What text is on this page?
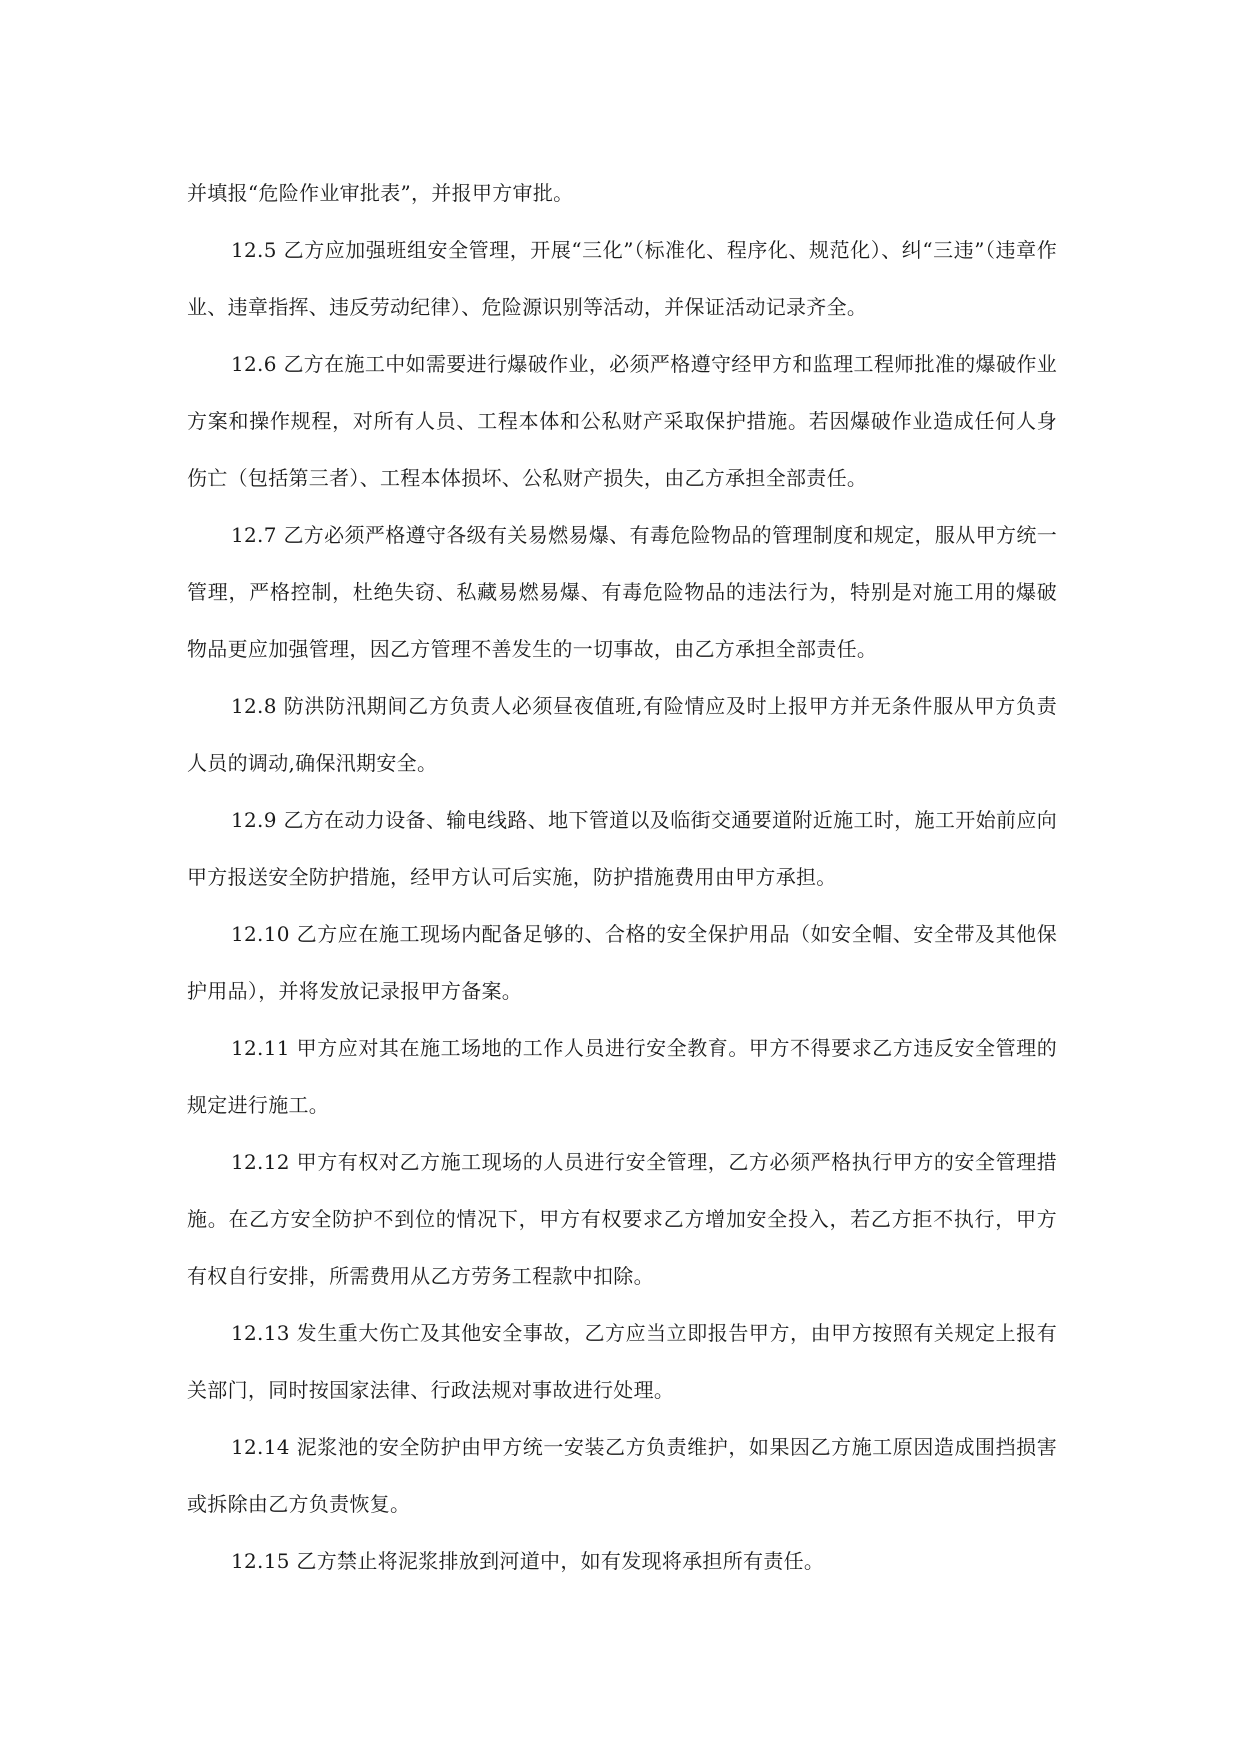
并填报“危险作业审批表”，并报甲方审批。

12.5 乙方应加强班组安全管理，开展“三化”（标准化、程序化、规范化）、纠“三违”（违章作业、违章指挥、违反劳动纪律）、危险源识别等活动，并保证活动记录齐全。

12.6 乙方在施工中如需要进行爆破作业，必须严格遵守经甲方和监理工程师批准的爆破作业方案和操作规程，对所有人员、工程本体和公私财产采取保护措施。若因爆破作业造成任何人身伤亡（包括第三者）、工程本体损坏、公私财产损失，由乙方承担全部责任。

12.7 乙方必须严格遵守各级有关易燃易爆、有毒危险物品的管理制度和规定，服从甲方统一管理，严格控制，杜绝失窃、私藏易燃易爆、有毒危险物品的违法行为，特别是对施工用的爆破物品更应加强管理，因乙方管理不善发生的一切事故，由乙方承担全部责任。

12.8 防洪防汛期间乙方负责人必须昼夜值班,有险情应及时上报甲方并无条件服从甲方负责人员的调动,确保汛期安全。

12.9 乙方在动力设备、输电线路、地下管道以及临街交通要道附近施工时，施工开始前应向甲方报送安全防护措施，经甲方认可后实施，防护措施费用由甲方承担。

12.10 乙方应在施工现场内配备足够的、合格的安全保护用品（如安全帽、安全带及其他保护用品），并将发放记录报甲方备案。

12.11 甲方应对其在施工场地的工作人员进行安全教育。甲方不得要求乙方违反安全管理的规定进行施工。

12.12 甲方有权对乙方施工现场的人员进行安全管理，乙方必须严格执行甲方的安全管理措施。在乙方安全防护不到位的情况下，甲方有权要求乙方增加安全投入，若乙方拒不执行，甲方有权自行安排，所需费用从乙方劳务工程款中扣除。

12.13 发生重大伤亡及其他安全事故，乙方应当立即报告甲方，由甲方按照有关规定上报有关部门，同时按国家法律、行政法规对事故进行处理。

12.14 泥浆池的安全防护由甲方统一安装乙方负责维护，如果因乙方施工原因造成围挡损害或拆除由乙方负责恢复。

12.15 乙方禁止将泥浆排放到河道中，如有发现将承担所有责任。
